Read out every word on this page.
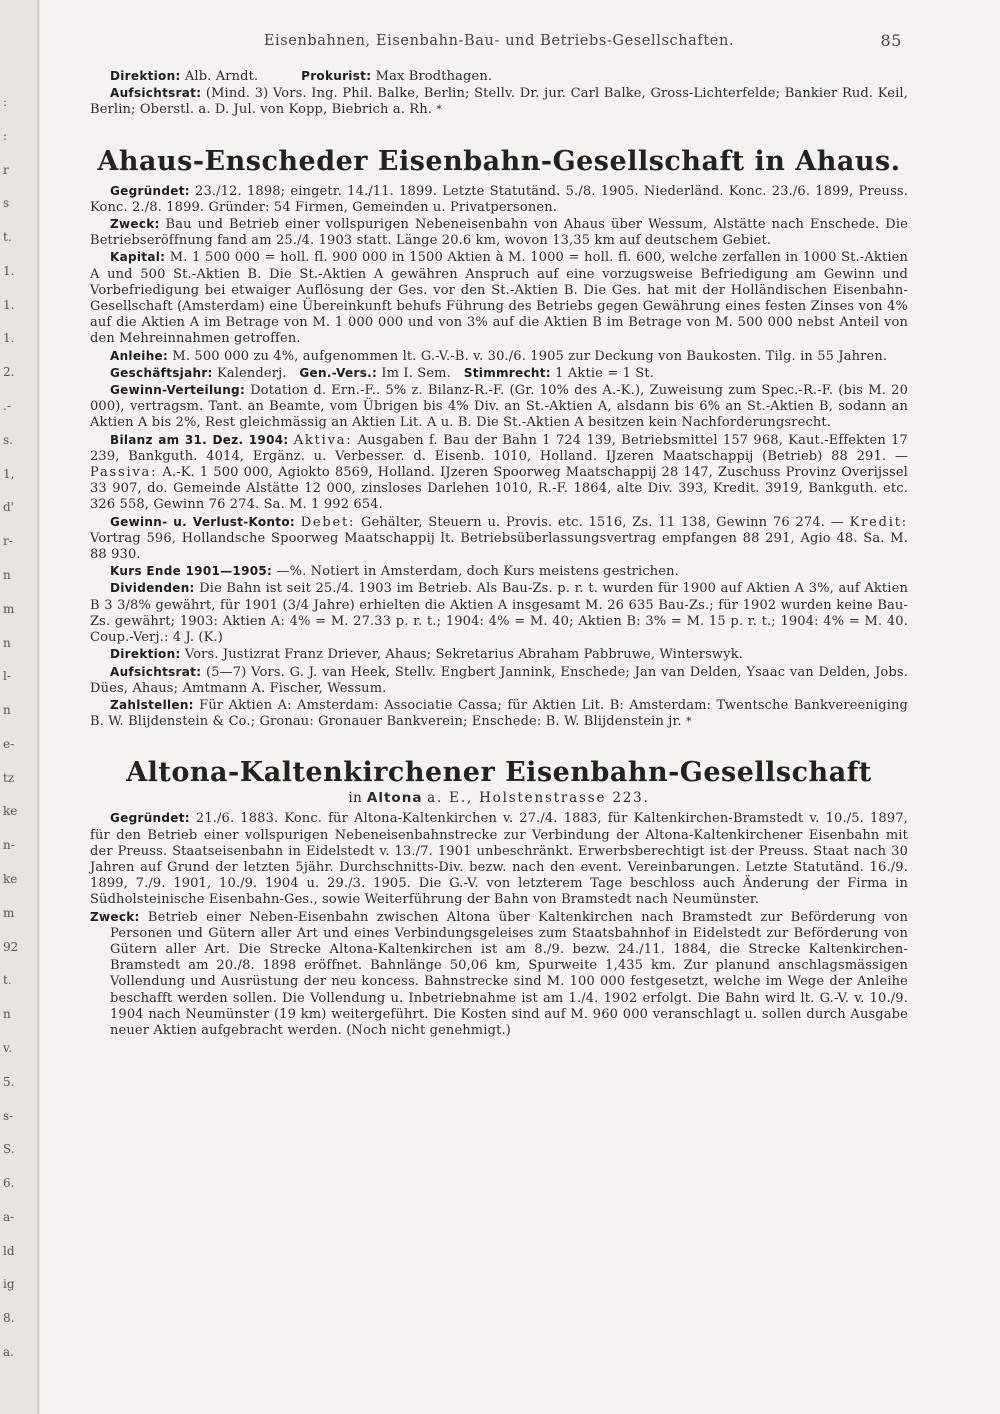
:
:
r
s
t.
1.
1.
1.
2.
.-
s.
1,
d'
r-
n
m
n
l-
n
e-
tz
ke
n-
ke
m
92
t.
n
v.
5.
s-
S.
6.
a-
ld
ig
8.
a.
Eisenbahnen, Eisenbahn-Bau- und Betriebs-Gesellschaften.	85

Direktion: Alb. Arndt.	Prokurist: Max Brodthagen.

Aufsichtsrat: (Mind. 3) Vors. Ing. Phil. Balke, Berlin; Stellv. Dr. jur. Carl Balke, Gross-Lichterfelde; Bankier Rud. Keil, Berlin; Oberstl. a. D. Jul. von Kopp, Biebrich a. Rh. *

Ahaus-Enscheder Eisenbahn-Gesellschaft in Ahaus.

Gegründet: 23./12. 1898; eingetr. 14./11. 1899. Letzte Statutänd. 5./8. 1905. Niederländ. Konc. 23./6. 1899, Preuss. Konc. 2./8. 1899. Gründer: 54 Firmen, Gemeinden u. Privatpersonen.

Zweck: Bau und Betrieb einer vollspurigen Nebeneisenbahn von Ahaus über Wessum, Alstätte nach Enschede. Die Betriebseröffnung fand am 25./4. 1903 statt. Länge 20.6 km, wovon 13,35 km auf deutschem Gebiet.

Kapital: M. 1 500 000 = holl. fl. 900 000 in 1500 Aktien à M. 1000 = holl. fl. 600, welche zerfallen in 1000 St.-Aktien A und 500 St.-Aktien B. Die St.-Aktien A gewähren Anspruch auf eine vorzugsweise Befriedigung am Gewinn und Vorbefriedigung bei etwaiger Auflösung der Ges. vor den St.-Aktien B. Die Ges. hat mit der Holländischen Eisenbahn-Gesellschaft (Amsterdam) eine Übereinkunft behufs Führung des Betriebs gegen Gewährung eines festen Zinses von 4% auf die Aktien A im Betrage von M. 1 000 000 und von 3% auf die Aktien B im Betrage von M. 500 000 nebst Anteil von den Mehreinnahmen getroffen.

Anleihe: M. 500 000 zu 4%, aufgenommen lt. G.-V.-B. v. 30./6. 1905 zur Deckung von Baukosten. Tilg. in 55 Jahren.

Geschäftsjahr: Kalenderj. Gen.-Vers.: Im I. Sem. Stimmrecht: 1 Aktie = 1 St.

Gewinn-Verteilung: Dotation d. Ern.-F.. 5% z. Bilanz-R.-F. (Gr. 10% des A.-K.), Zuweisung zum Spec.-R.-F. (bis M. 20 000), vertragsm. Tant. an Beamte, vom Übrigen bis 4% Div. an St.-Aktien A, alsdann bis 6% an St.-Aktien B, sodann an Aktien A bis 2%, Rest gleichmässig an Aktien Lit. A u. B. Die St.-Aktien A besitzen kein Nachforderungsrecht.

Bilanz am 31. Dez. 1904: Aktiva: Ausgaben f. Bau der Bahn 1 724 139, Betriebsmittel 157 968, Kaut.-Effekten 17 239, Bankguth. 4014, Ergänz. u. Verbesser. d. Eisenb. 1010, Holland. IJzeren Maatschappij (Betrieb) 88 291. — Passiva: A.-K. 1 500 000, Agiokto 8569, Holland. IJzeren Spoorweg Maatschappij 28 147, Zuschuss Provinz Overijssel 33 907, do. Gemeinde Alstätte 12 000, zinsloses Darlehen 1010, R.-F. 1864, alte Div. 393, Kredit. 3919, Bankguth. etc. 326 558, Gewinn 76 274. Sa. M. 1 992 654.

Gewinn- u. Verlust-Konto: Debet: Gehälter, Steuern u. Provis. etc. 1516, Zs. 11 138, Gewinn 76 274. — Kredit: Vortrag 596, Hollandsche Spoorweg Maatschappij lt. Betriebsüberlassungsvertrag empfangen 88 291, Agio 48. Sa. M. 88 930.

Kurs Ende 1901—1905: —%. Notiert in Amsterdam, doch Kurs meistens gestrichen.

Dividenden: Die Bahn ist seit 25./4. 1903 im Betrieb. Als Bau-Zs. p. r. t. wurden für 1900 auf Aktien A 3%, auf Aktien B 3 3/8% gewährt, für 1901 (3/4 Jahre) erhielten die Aktien A insgesamt M. 26 635 Bau-Zs.; für 1902 wurden keine Bau-Zs. gewährt; 1903: Aktien A: 4% = M. 27.33 p. r. t.; 1904: 4% = M. 40; Aktien B: 3% = M. 15 p. r. t.; 1904: 4% = M. 40. Coup.-Verj.: 4 J. (K.)

Direktion: Vors. Justizrat Franz Driever, Ahaus; Sekretarius Abraham Pabbruwe, Winterswyk.

Aufsichtsrat: (5—7) Vors. G. J. van Heek, Stellv. Engbert Jannink, Enschede; Jan van Delden, Ysaac van Delden, Jobs. Dües, Ahaus; Amtmann A. Fischer, Wessum.

Zahlstellen: Für Aktien A: Amsterdam: Associatie Cassa; für Aktien Lit. B: Amsterdam: Twentsche Bankvereeniging B. W. Blijdenstein & Co.; Gronau: Gronauer Bankverein; Enschede: B. W. Blijdenstein jr. *

Altona-Kaltenkirchener Eisenbahn-Gesellschaft

in Altona a. E., Holstenstrasse 223.

Gegründet: 21./6. 1883. Konc. für Altona-Kaltenkirchen v. 27./4. 1883, für Kaltenkirchen-Bramstedt v. 10./5. 1897, für den Betrieb einer vollspurigen Nebeneisenbahnstrecke zur Verbindung der Altona-Kaltenkirchener Eisenbahn mit der Preuss. Staatseisenbahn in Eidelstedt v. 13./7. 1901 unbeschränkt. Erwerbsberechtigt ist der Preuss. Staat nach 30 Jahren auf Grund der letzten 5jähr. Durchschnitts-Div. bezw. nach den event. Vereinbarungen. Letzte Statutänd. 16./9. 1899, 7./9. 1901, 10./9. 1904 u. 29./3. 1905. Die G.-V. von letzterem Tage beschloss auch Änderung der Firma in Südholsteinische Eisenbahn-Ges., sowie Weiterführung der Bahn von Bramstedt nach Neumünster.

Zweck: Betrieb einer Neben-Eisenbahn zwischen Altona über Kaltenkirchen nach Bramstedt zur Beförderung von Personen und Gütern aller Art und eines Verbindungsgeleises zum Staatsbahnhof in Eidelstedt zur Beförderung von Gütern aller Art. Die Strecke Altona-Kaltenkirchen ist am 8./9. bezw. 24./11. 1884, die Strecke Kaltenkirchen-Bramstedt am 20./8. 1898 eröffnet. Bahnlänge 50,06 km, Spurweite 1,435 km. Zur planund anschlagsmässigen Vollendung und Ausrüstung der neu koncess. Bahnstrecke sind M. 100 000 festgesetzt, welche im Wege der Anleihe beschafft werden sollen. Die Vollendung u. Inbetriebnahme ist am 1./4. 1902 erfolgt. Die Bahn wird lt. G.-V. v. 10./9. 1904 nach Neumünster (19 km) weitergeführt. Die Kosten sind auf M. 960 000 veranschlagt u. sollen durch Ausgabe neuer Aktien aufgebracht werden. (Noch nicht genehmigt.)
